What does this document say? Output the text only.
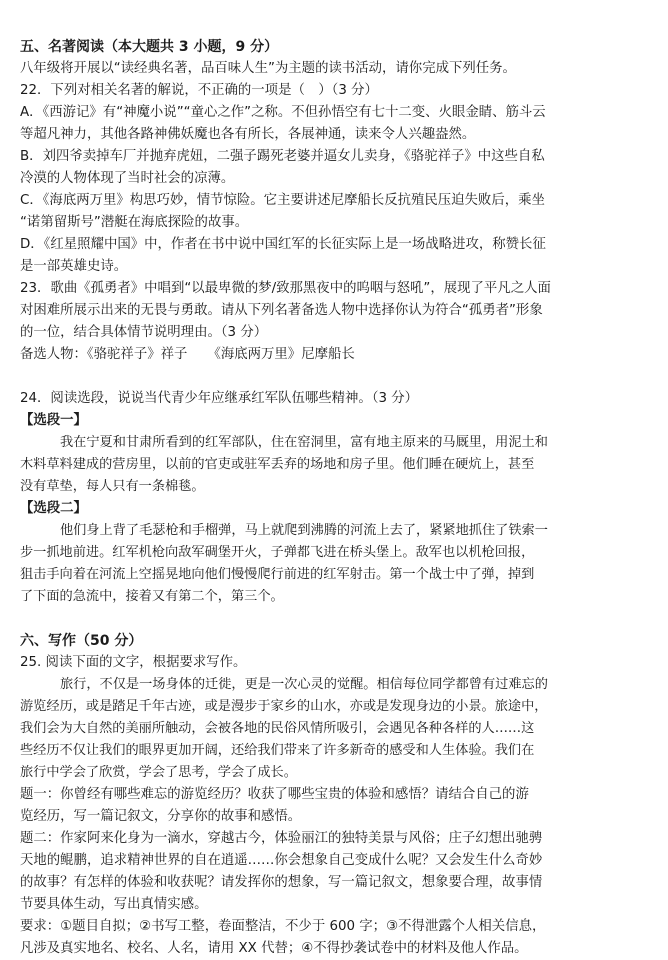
五、名著阅读（本大题共 3 小题，9 分）
八年级将开展以“读经典名著，品百味人生”为主题的读书活动，请你完成下列任务。
22．下列对相关名著的解说，不正确的一项是（　）（3 分）
A．《西游记》有“神魔小说”“童心之作”之称。不但孙悟空有七十二变、火眼金睛、筋斗云
等超凡神力，其他各路神佛妖魔也各有所长，各展神通，读来令人兴趣盎然。
B．刘四爷卖掉车厂并抛弃虎妞，二强子踢死老婆并逼女儿卖身，《骆驼祥子》中这些自私
冷漠的人物体现了当时社会的凉薄。
C．《海底两万里》构思巧妙，情节惊险。它主要讲述尼摩船长反抗殖民压迫失败后，乘坐
“诺第留斯号”潜艇在海底探险的故事。
D．《红星照耀中国》中，作者在书中说中国红军的长征实际上是一场战略进攻，称赞长征
是一部英雄史诗。
23．歌曲《孤勇者》中唱到“以最卑微的梦/致那黑夜中的呜咽与怒吼”，展现了平凡之人面
对困难所展示出来的无畏与勇敢。请从下列名著备选人物中选择你认为符合“孤勇者”形象
的一位，结合具体情节说明理由。（3 分）
备选人物：《骆驼祥子》祥子　　《海底两万里》尼摩船长
24．阅读选段，说说当代青少年应继承红军队伍哪些精神。（3 分）
【选段一】
我在宁夏和甘肃所看到的红军部队，住在窑洞里，富有地主原来的马厩里，用泥土和
木料草料建成的营房里，以前的官吏或驻军丢弃的场地和房子里。他们睡在硬炕上，甚至
没有草垫，每人只有一条棉毯。
【选段二】
他们身上背了毛瑟枪和手榴弹，马上就爬到沸腾的河流上去了，紧紧地抓住了铁索一
步一抓地前进。红军机枪向敌军碉堡开火，子弹都飞进在桥头堡上。敌军也以机枪回报，
狙击手向着在河流上空摇晃地向他们慢慢爬行前进的红军射击。第一个战士中了弹，掉到
了下面的急流中，接着又有第二个，第三个。
六、写作（50 分）
25. 阅读下面的文字，根据要求写作。
旅行，不仅是一场身体的迁徙，更是一次心灵的觉醒。相信每位同学都曾有过难忘的
游览经历，或是踏足千年古迹，或是漫步于家乡的山水，亦或是发现身边的小景。旅途中，
我们会为大自然的美丽所触动，会被各地的民俗风情所吸引，会遇见各种各样的人……这
些经历不仅让我们的眼界更加开阔，还给我们带来了许多新奇的感受和人生体验。我们在
旅行中学会了欣赏，学会了思考，学会了成长。
题一：你曾经有哪些难忘的游览经历？收获了哪些宝贵的体验和感悟？请结合自己的游
览经历，写一篇记叙文，分享你的故事和感悟。
题二：作家阿来化身为一滴水，穿越古今，体验丽江的独特美景与风俗；庄子幻想出驰骋
天地的鲲鹏，追求精神世界的自在逍遥……你会想象自己变成什么呢？又会发生什么奇妙
的故事？有怎样的体验和收获呢？请发挥你的想象，写一篇记叙文，想象要合理，故事情
节要具体生动，写出真情实感。
要求：①题目自拟；②书写工整，卷面整洁，不少于 600 字；③不得泄露个人相关信息，
凡涉及真实地名、校名、人名，请用 XX 代替；④不得抄袭试卷中的材料及他人作品。
